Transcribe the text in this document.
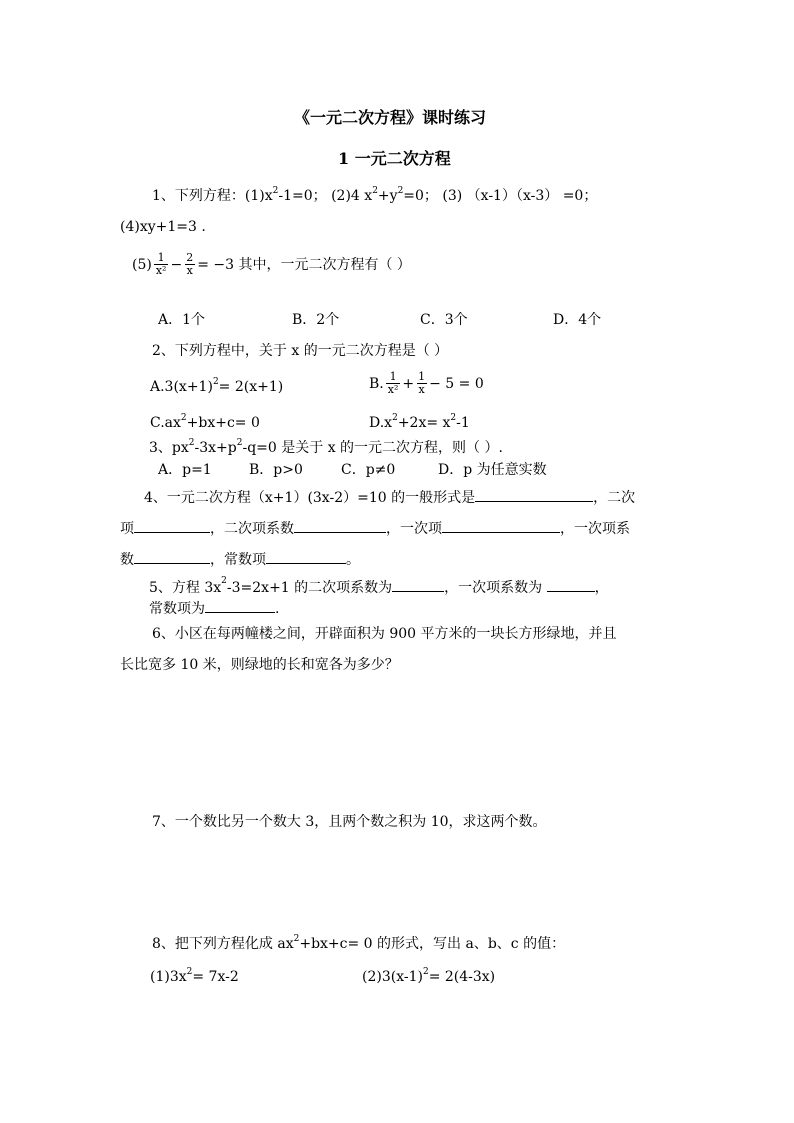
《一元二次方程》课时练习
1 一元二次方程
1、下列方程：$(1)x^2-1=0$； (2)4 $x^2+y^2=0$； (3) （x-1）（x-3） =0；
(4)xy+1=3 .
$(5) \frac{1}{\text{x²}} - \frac{2}{x} = -3$ 其中，一元二次方程有（ ）
A．1个	B．2个	C．3个	D．4个
2、下列方程中，关于 x 的一元二次方程是（ ）
$A.3(x+1)^2= 2(x+1)$	B. $\frac{1}{\text{x²}} + \frac{1}{x} - 5 = 0$
$C.ax^2+bx+c= 0$	$D.x^2+2x= x^2-1$
3、$px^2-3x+p^2-q=0$ 是关于 x 的一元二次方程，则（ ）.
A．p=1	B．p>0	C．p≠0	D．p 为任意实数
4、一元二次方程（x+1）(3x-2）=10 的一般形式是	，二次
项	，二次项系数	，一次项	，一次项系
数	，常数项	。
5、方程 $3x^2-3=2x+1$ 的二次项系数为	，一次项系数为	，
常数项为	.
6、小区在每两幢楼之间，开辟面积为 900 平方米的一块长方形绿地，并且
长比宽多 10 米，则绿地的长和宽各为多少？
7、一个数比另一个数大 3，且两个数之积为 10，求这两个数。
8、把下列方程化成 $ax^2+bx+c= 0$ 的形式，写出 a、b、c 的值：
$(1)3x^2= 7x-2$	$(2)3(x-1)^2= 2(4-3x)$
